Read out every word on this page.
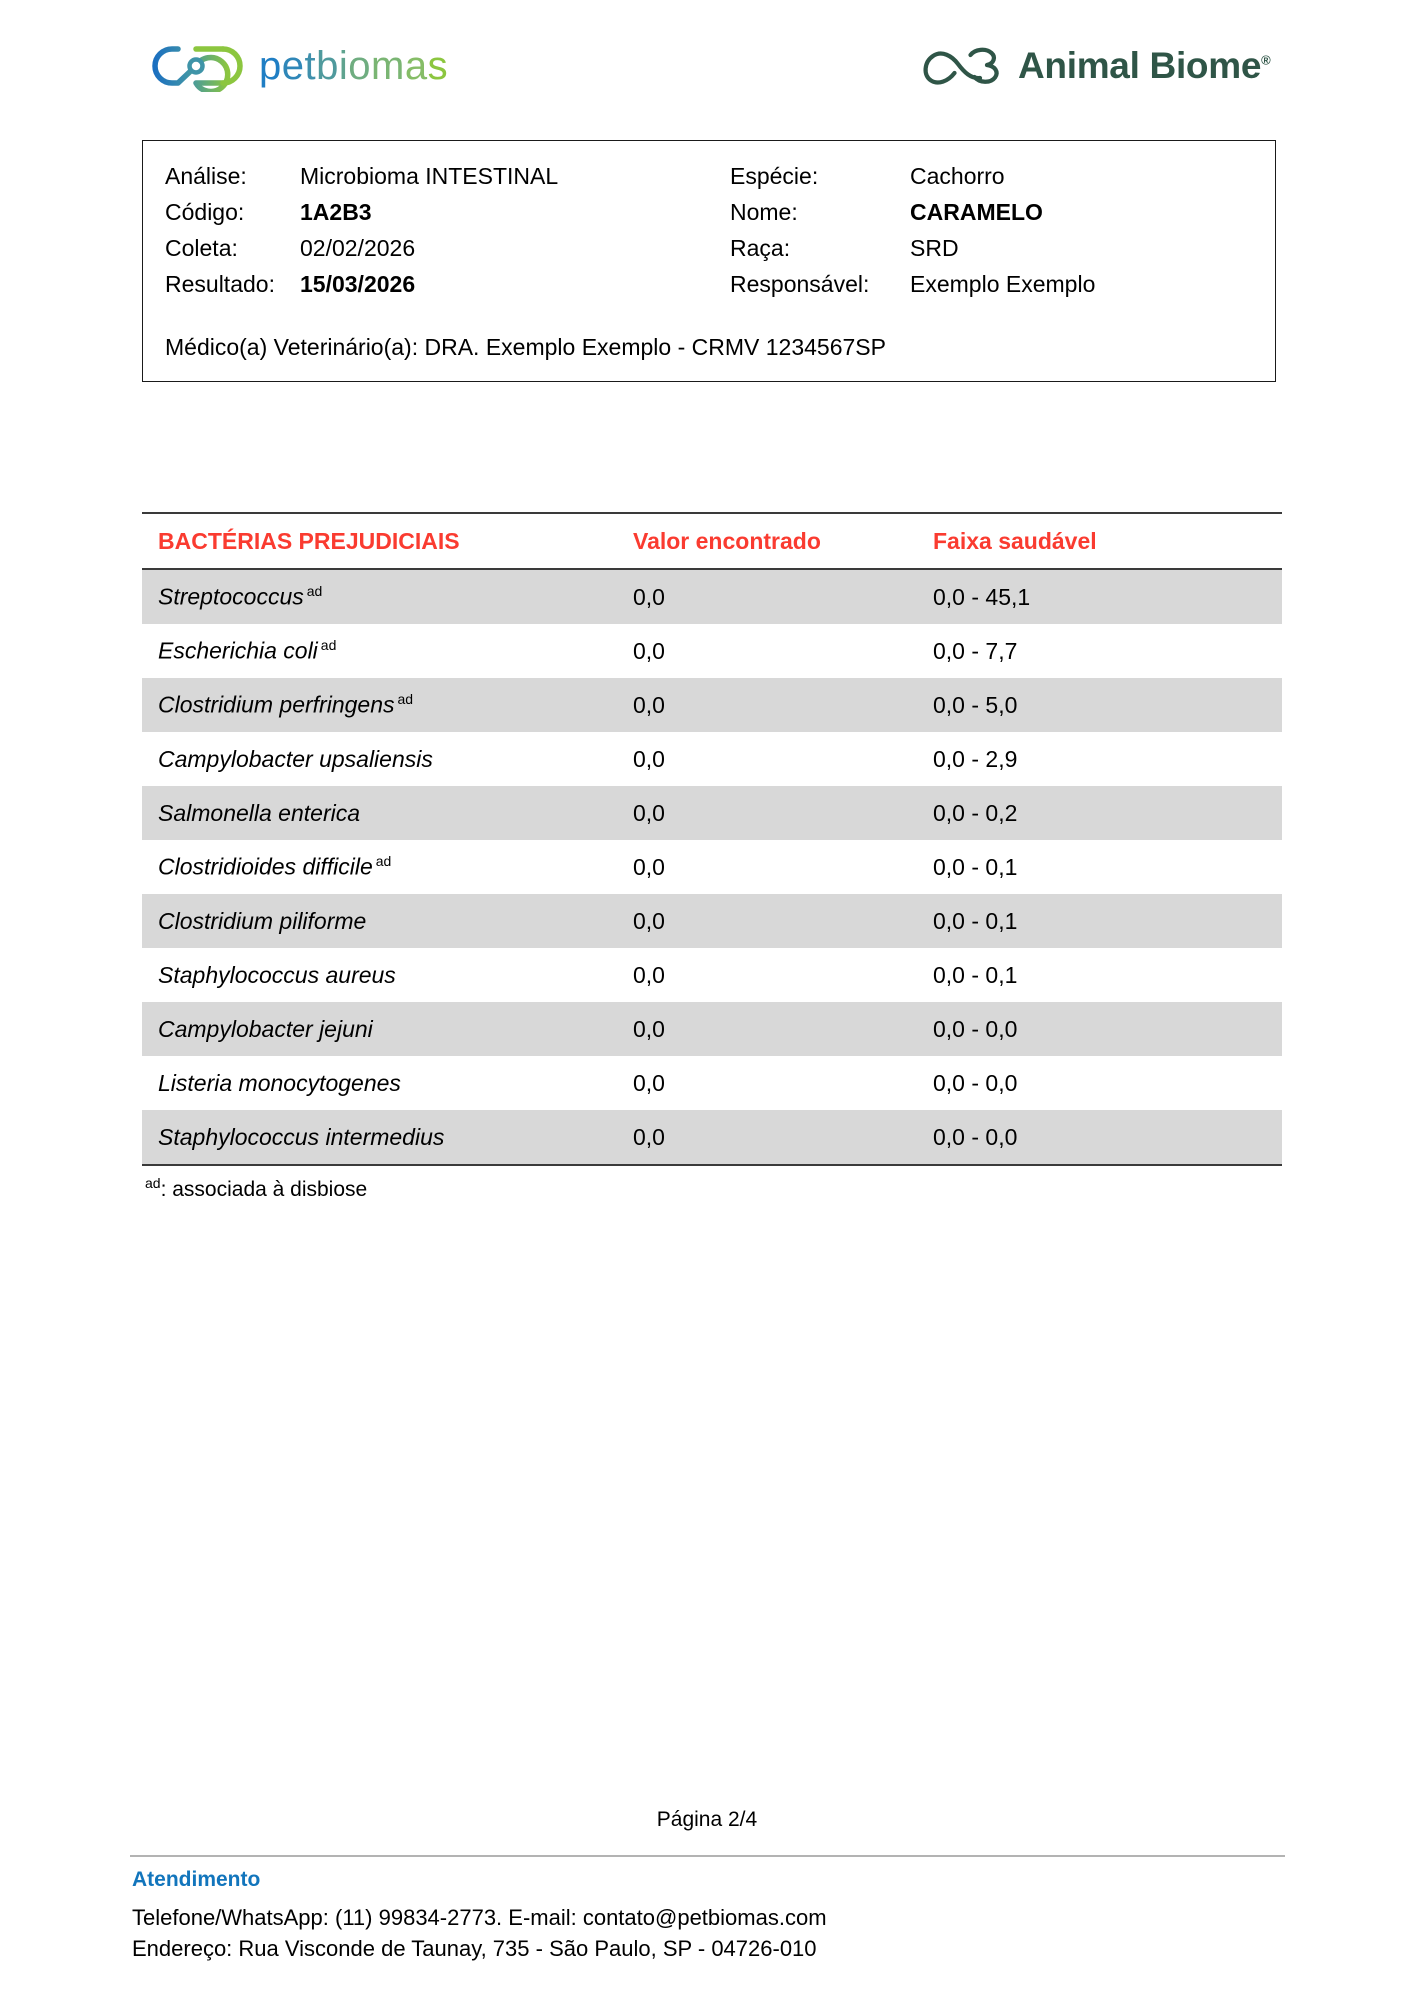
petbiomas	Animal Biome®
Análise:	Microbioma INTESTINAL	Espécie:	Cachorro
Código:	1A2B3	Nome:	CARAMELO
Coleta:	02/02/2026	Raça:	SRD
Resultado:	15/03/2026	Responsável:	Exemplo Exemplo
Médico(a) Veterinário(a): DRA. Exemplo Exemplo - CRMV 1234567SP
BACTÉRIAS PREJUDICIAIS	Valor encontrado	Faixa saudável
Streptococcus $^{ad}$	0,0	0,0 - 45,1
Escherichia coli $^{ad}$	0,0	0,0 - 7,7
Clostridium perfringens $^{ad}$	0,0	0,0 - 5,0
Campylobacter upsaliensis	0,0	0,0 - 2,9
Salmonella enterica	0,0	0,0 - 0,2
Clostridioides difficile $^{ad}$	0,0	0,0 - 0,1
Clostridium piliforme	0,0	0,0 - 0,1
Staphylococcus aureus	0,0	0,0 - 0,1
Campylobacter jejuni	0,0	0,0 - 0,0
Listeria monocytogenes	0,0	0,0 - 0,0
Staphylococcus intermedius	0,0	0,0 - 0,0
$^{ad}$: associada à disbiose
Página 2/4
Atendimento
Telefone/WhatsApp: (11) 99834-2773. E-mail: contato@petbiomas.com
Endereço: Rua Visconde de Taunay, 735 - São Paulo, SP - 04726-010
